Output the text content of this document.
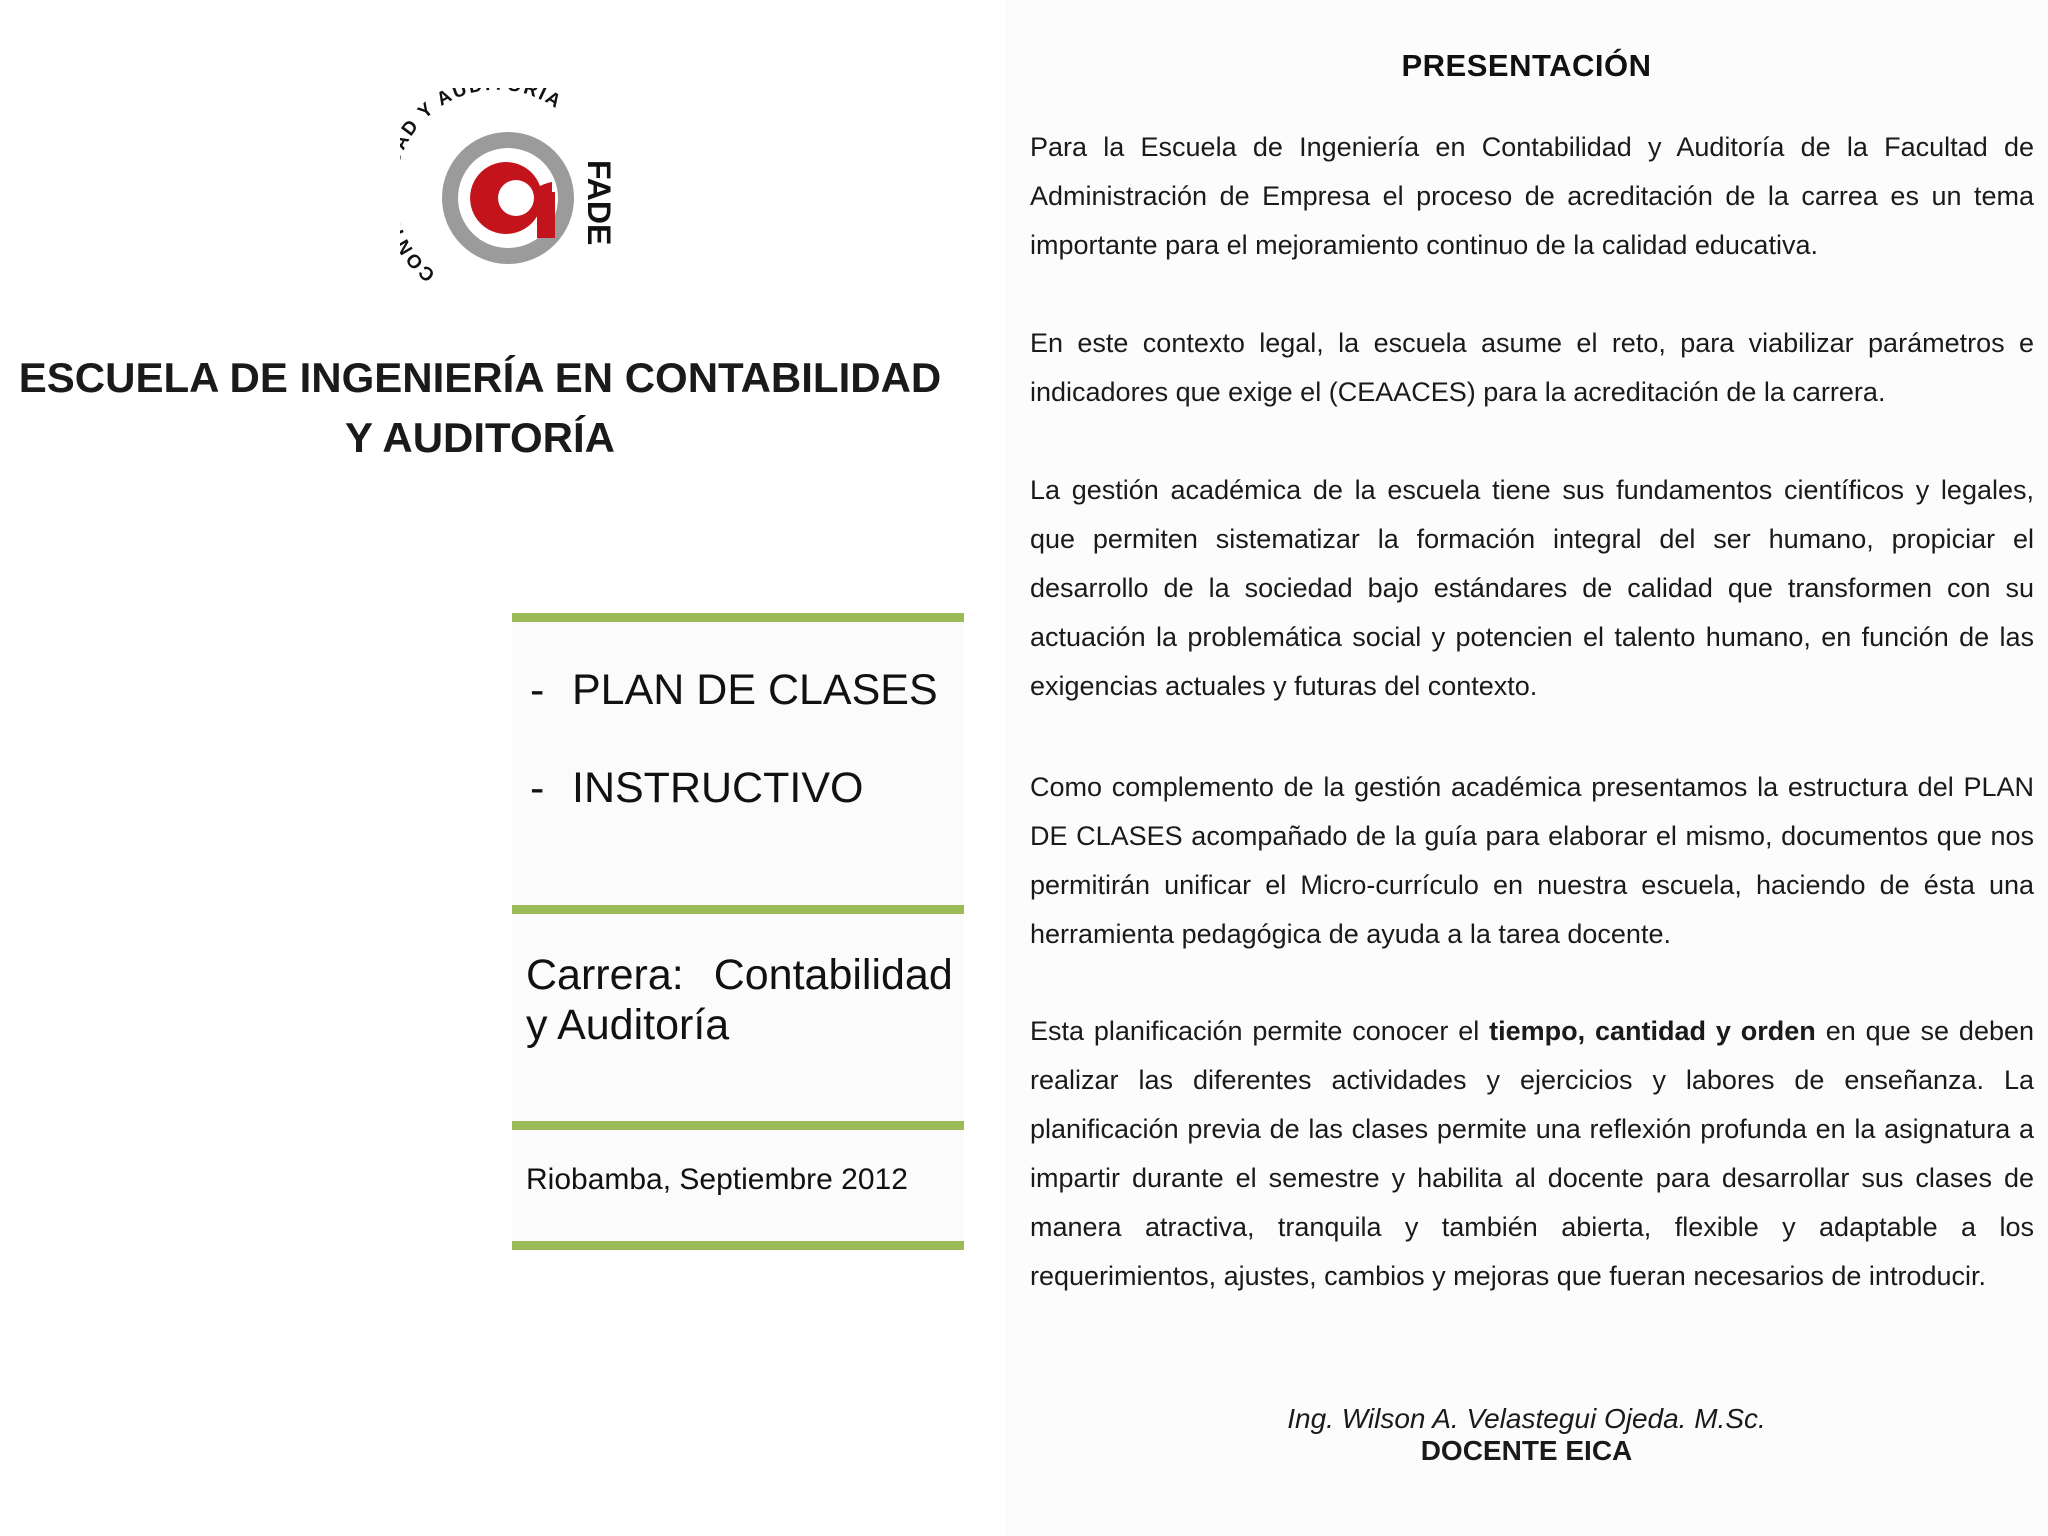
CO D Y AU RIA
FADE
ESCUELA DE INGENIERÍA EN CONTABILIDAD
Y AUDITORÍA
- PLAN DE CLASES
- INSTRUCTIVO
Carrera: Contabilidad y Auditoría
Riobamba, Septiembre 2012
PRESENTACIÓN

Para la Escuela de Ingeniería en Contabilidad y Auditoría de la Facultad de Administración de Empresa el proceso de acreditación de la carrea es un tema importante para el mejoramiento continuo de la calidad educativa.

En este contexto legal, la escuela asume el reto, para viabilizar parámetros e indicadores que exige el (CEAACES) para la acreditación de la carrera.

La gestión académica de la escuela tiene sus fundamentos científicos y legales, que permiten sistematizar la formación integral del ser humano, propiciar el desarrollo de la sociedad bajo estándares de calidad que transformen con su actuación la problemática social y potencien el talento humano, en función de las exigencias actuales y futuras del contexto.

Como complemento de la gestión académica presentamos la estructura del PLAN DE CLASES acompañado de la guía para elaborar el mismo, documentos que nos permitirán unificar el Micro-currículo en nuestra escuela, haciendo de ésta una herramienta pedagógica de ayuda a la tarea docente.

Esta planificación permite conocer el tiempo, cantidad y orden en que se deben realizar las diferentes actividades y ejercicios y labores de enseñanza. La planificación previa de las clases permite una reflexión profunda en la asignatura a impartir durante el semestre y habilita al docente para desarrollar sus clases de manera atractiva, tranquila y también abierta, flexible y adaptable a los requerimientos, ajustes, cambios y mejoras que fueran necesarios de introducir.

Ing. Wilson A. Velastegui Ojeda. M.Sc.
DOCENTE EICA
